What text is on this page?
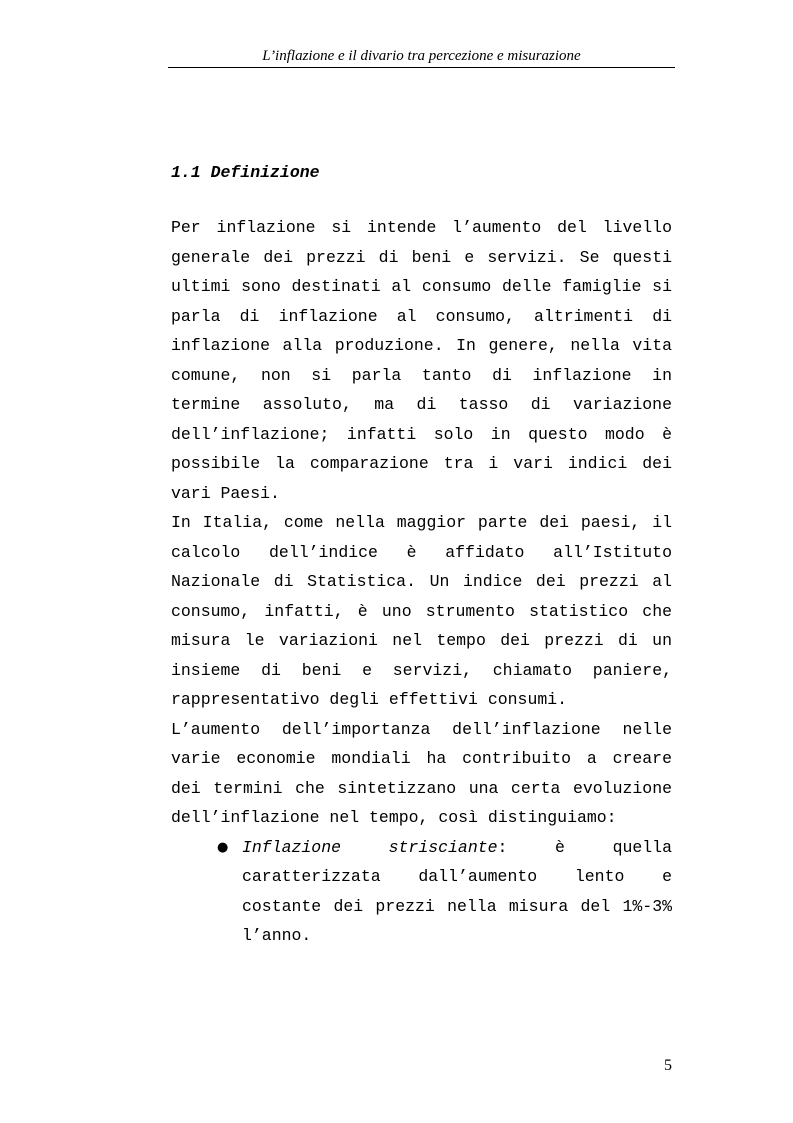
L’inflazione e il divario tra percezione e misurazione
1.1 Definizione

Per inflazione si intende l’aumento del livello generale dei prezzi di beni e servizi. Se questi ultimi sono destinati al consumo delle famiglie si parla di inflazione al consumo, altrimenti di inflazione alla produzione. In genere, nella vita comune, non si parla tanto di inflazione in termine assoluto, ma di tasso di variazione dell’inflazione; infatti solo in questo modo è possibile la comparazione tra i vari indici dei vari Paesi.

In Italia, come nella maggior parte dei paesi, il calcolo dell’indice è affidato all’Istituto Nazionale di Statistica. Un indice dei prezzi al consumo, infatti, è uno strumento statistico che misura le variazioni nel tempo dei prezzi di un insieme di beni e servizi, chiamato paniere, rappresentativo degli effettivi consumi.

L’aumento dell’importanza dell’inflazione nelle varie economie mondiali ha contribuito a creare dei termini che sintetizzano una certa evoluzione dell’inflazione nel tempo, così distinguiamo:

● Inflazione strisciante: è quella caratterizzata dall’aumento lento e costante dei prezzi nella misura del 1%-3% l’anno.
5
